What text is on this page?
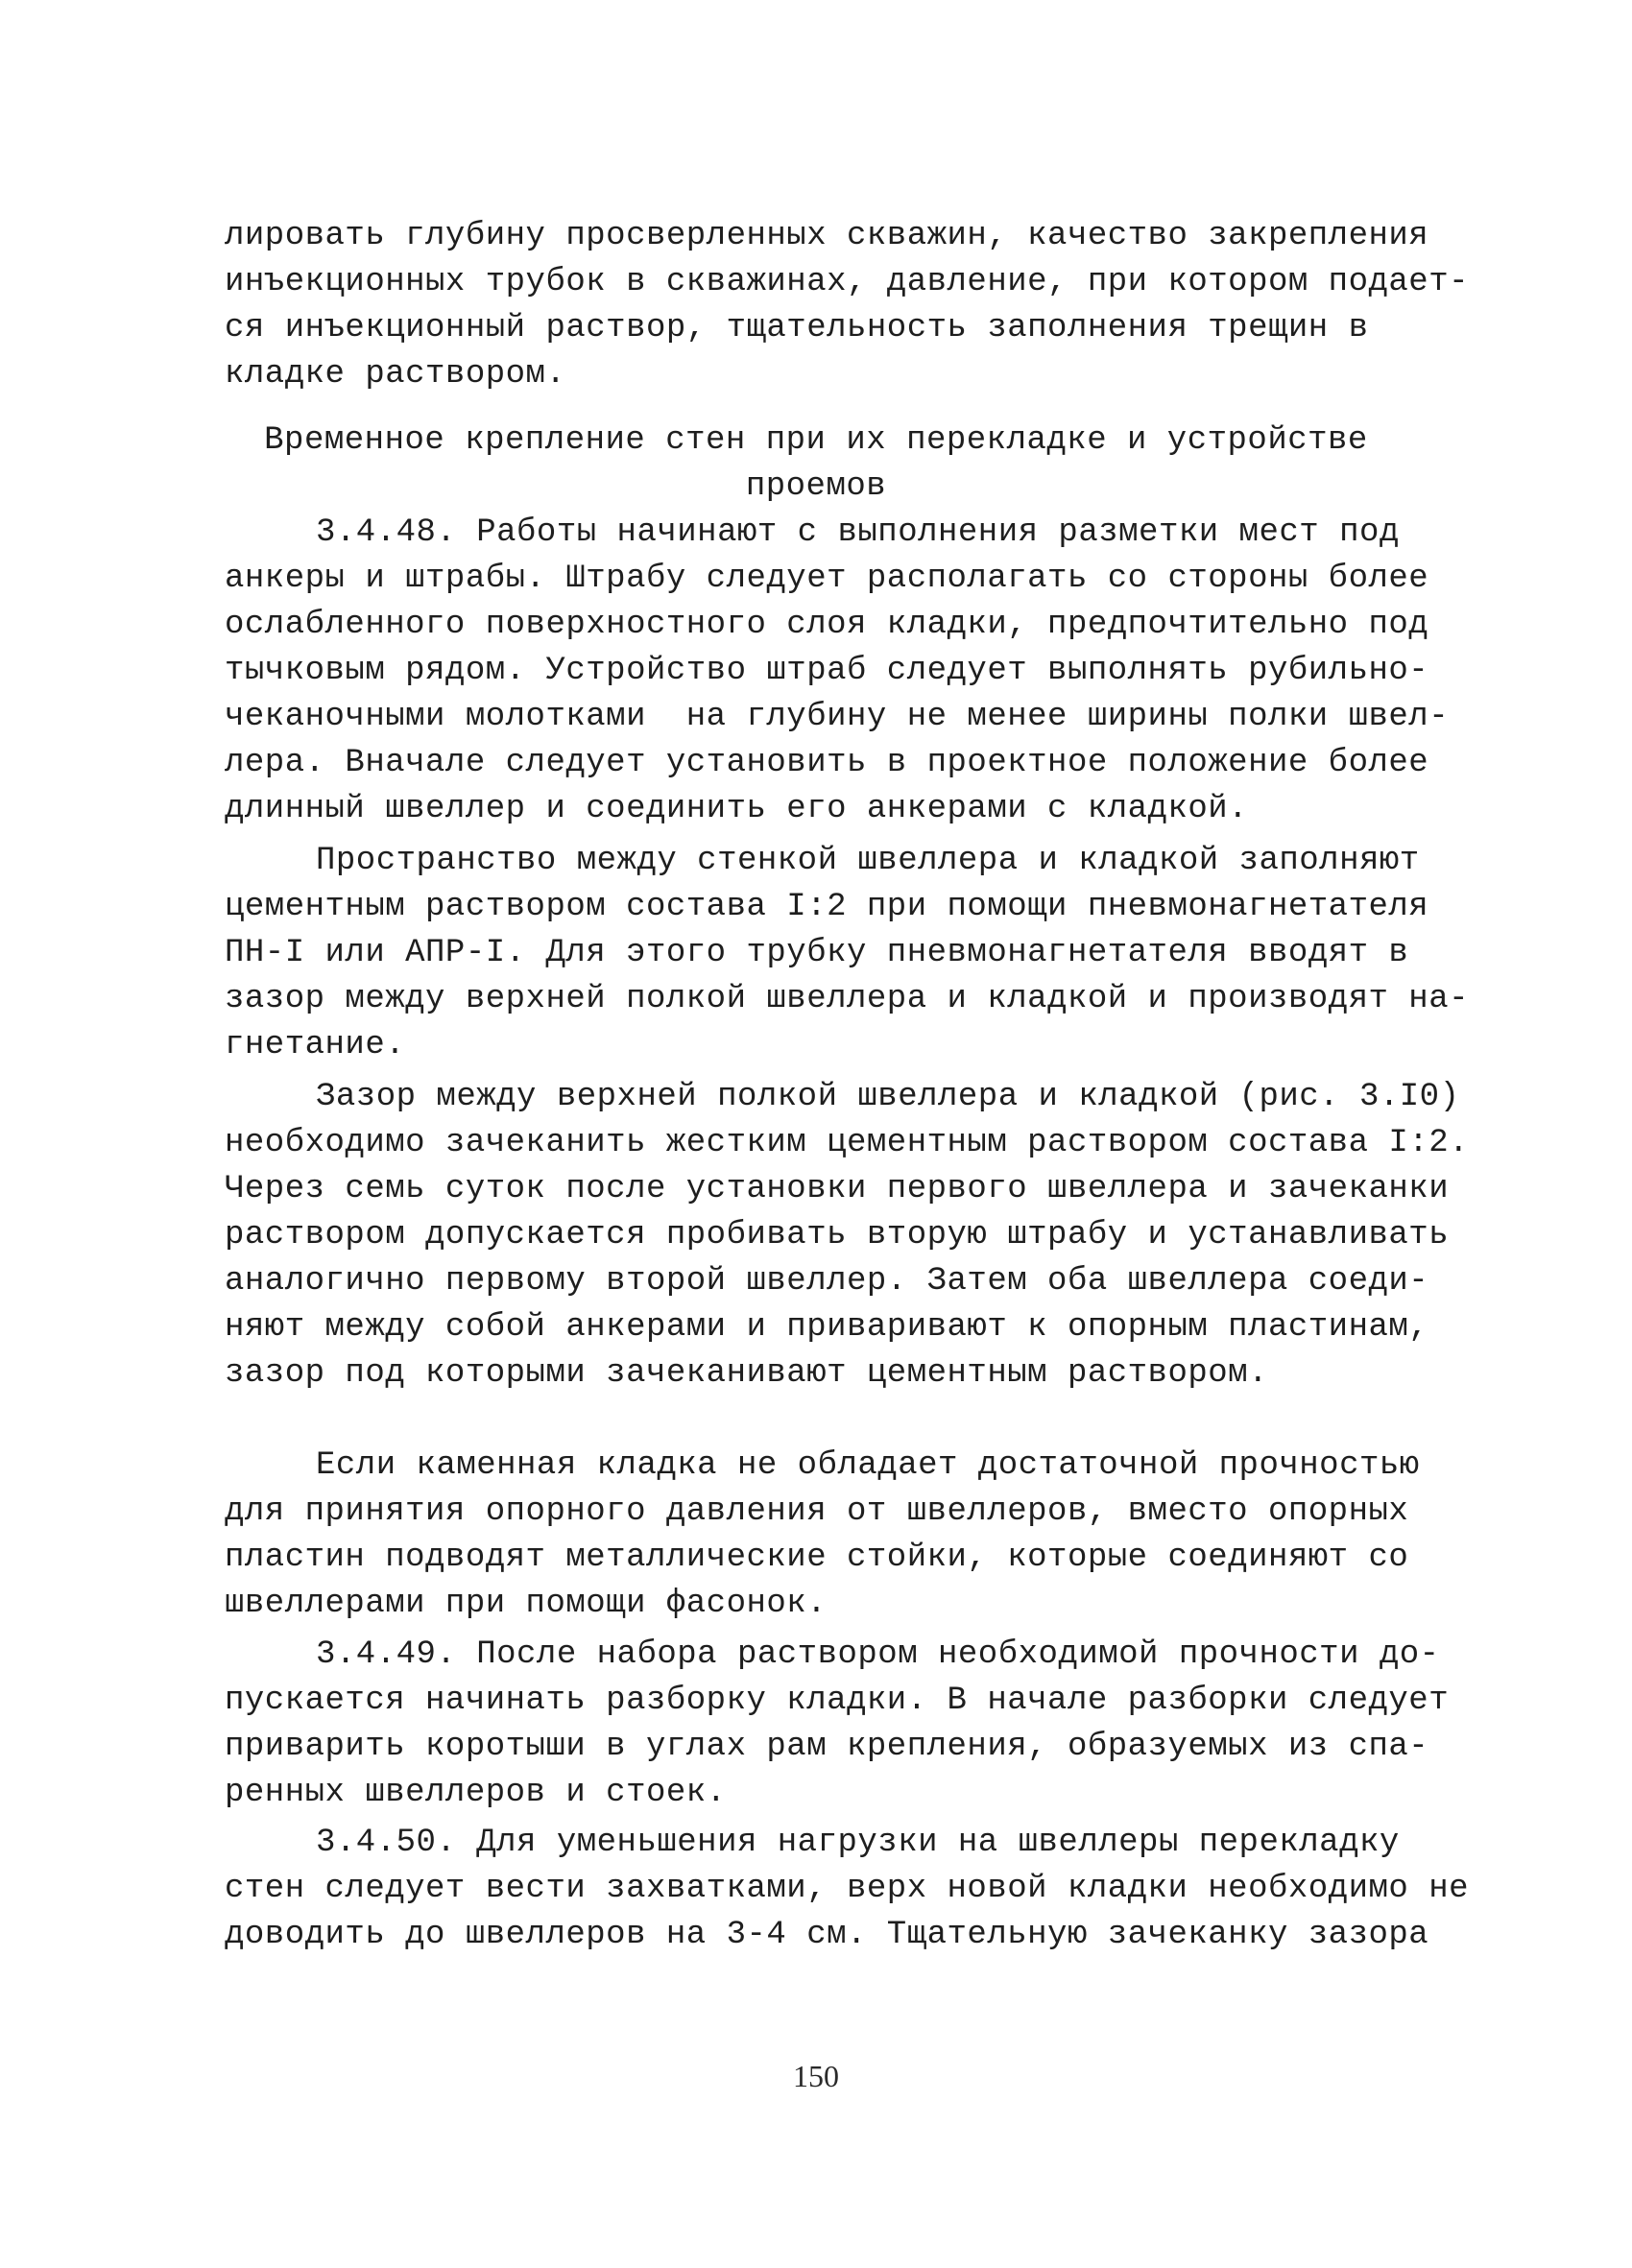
лировать глубину просверленных скважин, качество закрепления
инъекционных трубок в скважинах, давление, при котором подает-
ся инъекционный раствор, тщательность заполнения трещин в
кладке раствором.
Временное крепление стен при их перекладке и устройстве
проемов
3.4.48. Работы начинают с выполнения разметки мест под
анкеры и штрабы. Штрабу следует располагать со стороны более
ослабленного поверхностного слоя кладки, предпочтительно под
тычковым рядом. Устройство штраб следует выполнять рубильно-
чеканочными молотками  на глубину не менее ширины полки швел-
лера. Вначале следует установить в проектное положение более
длинный швеллер и соединить его анкерами с кладкой.
Пространство между стенкой швеллера и кладкой заполняют
цементным раствором состава I:2 при помощи пневмонагнетателя
ПН-I или АПР-I. Для этого трубку пневмонагнетателя вводят в
зазор между верхней полкой швеллера и кладкой и производят на-
гнетание.
Зазор между верхней полкой швеллера и кладкой (рис. 3.I0)
необходимо зачеканить жестким цементным раствором состава I:2.
Через семь суток после установки первого швеллера и зачеканки
раствором допускается пробивать вторую штрабу и устанавливать
аналогично первому второй швеллер. Затем оба швеллера соеди-
няют между собой анкерами и приваривают к опорным пластинам,
зазор под которыми зачеканивают цементным раствором.
Если каменная кладка не обладает достаточной прочностью
для принятия опорного давления от швеллеров, вместо опорных
пластин подводят металлические стойки, которые соединяют со
швеллерами при помощи фасонок.
3.4.49. После набора раствором необходимой прочности до-
пускается начинать разборку кладки. В начале разборки следует
приварить коротыши в углах рам крепления, образуемых из спа-
ренных швеллеров и стоек.
3.4.50. Для уменьшения нагрузки на швеллеры перекладку
стен следует вести захватками, верх новой кладки необходимо не
доводить до швеллеров на 3-4 см. Тщательную зачеканку зазора
150
